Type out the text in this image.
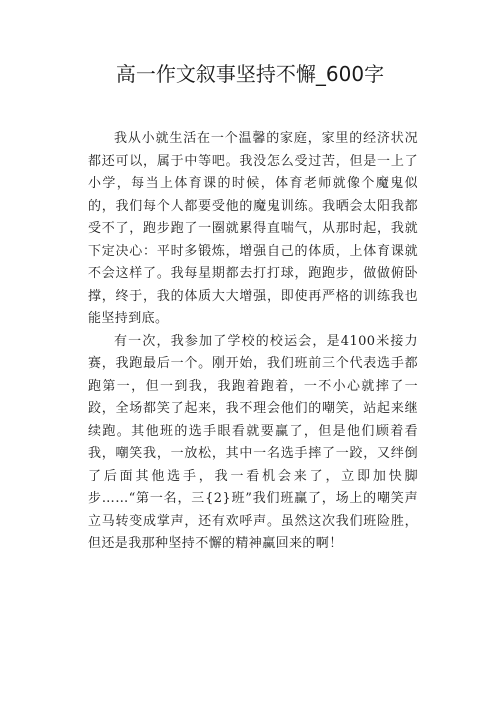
高一作文叙事坚持不懈_600字

我从小就生活在一个温馨的家庭，家里的经济状况都还可以，属于中等吧。我没怎么受过苦，但是一上了小学，每当上体育课的时候，体育老师就像个魔鬼似的，我们每个人都要受他的魔鬼训练。我晒会太阳我都受不了，跑步跑了一圈就累得直喘气，从那时起，我就下定决心：平时多锻炼，增强自己的体质，上体育课就不会这样了。我每星期都去打打球，跑跑步，做做俯卧撑，终于，我的体质大大增强，即使再严格的训练我也能坚持到底。

有一次，我参加了学校的校运会，是4100米接力赛，我跑最后一个。刚开始，我们班前三个代表选手都跑第一，但一到我，我跑着跑着，一不小心就摔了一跤，全场都笑了起来，我不理会他们的嘲笑，站起来继续跑。其他班的选手眼看就要赢了，但是他们顾着看我，嘲笑我，一放松，其中一名选手摔了一跤，又绊倒了后面其他选手，我一看机会来了，立即加快脚步……“第一名，三{2}班”我们班赢了，场上的嘲笑声立马转变成掌声，还有欢呼声。虽然这次我们班险胜，但还是我那种坚持不懈的精神赢回来的啊！
